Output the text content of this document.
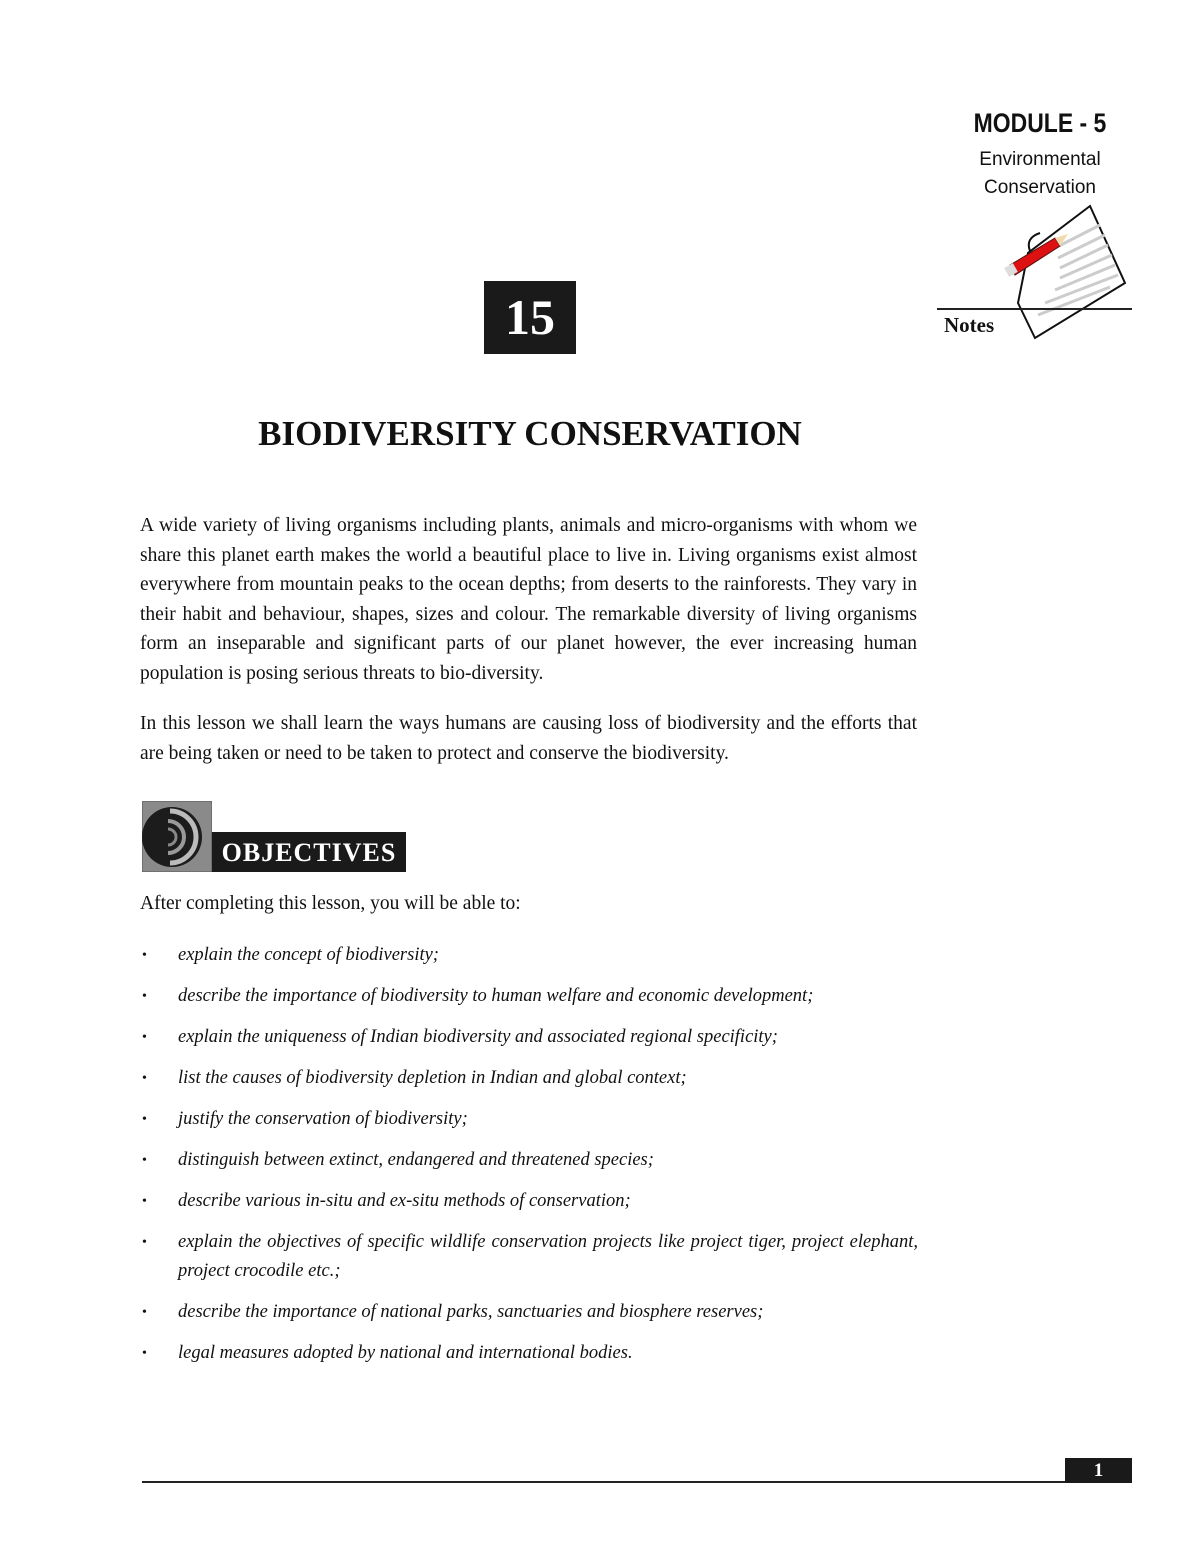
MODULE - 5
Environmental
Conservation
Notes
15
BIODIVERSITY CONSERVATION

A wide variety of living organisms including plants, animals and micro-organisms with whom we share this planet earth makes the world a beautiful place to live in. Living organisms exist almost everywhere from mountain peaks to the ocean depths; from deserts to the rainforests. They vary in their habit and behaviour, shapes, sizes and colour. The remarkable diversity of living organisms form an inseparable and significant parts of our planet however, the ever increasing human population is posing serious threats to bio-diversity.

In this lesson we shall learn the ways humans are causing loss of biodiversity and the efforts that are being taken or need to be taken to protect and conserve the biodiversity.

OBJECTIVES
After completing this lesson, you will be able to:
• explain the concept of biodiversity;
• describe the importance of biodiversity to human welfare and economic development;
• explain the uniqueness of Indian biodiversity and associated regional specificity;
• list the causes of biodiversity depletion in Indian and global context;
• justify the conservation of biodiversity;
• distinguish between extinct, endangered and threatened species;
• describe various in-situ and ex-situ methods of conservation;
• explain the objectives of specific wildlife conservation projects like project tiger, project elephant, project crocodile etc.;
• describe the importance of national parks, sanctuaries and biosphere reserves;
• legal measures adopted by national and international bodies.
1
